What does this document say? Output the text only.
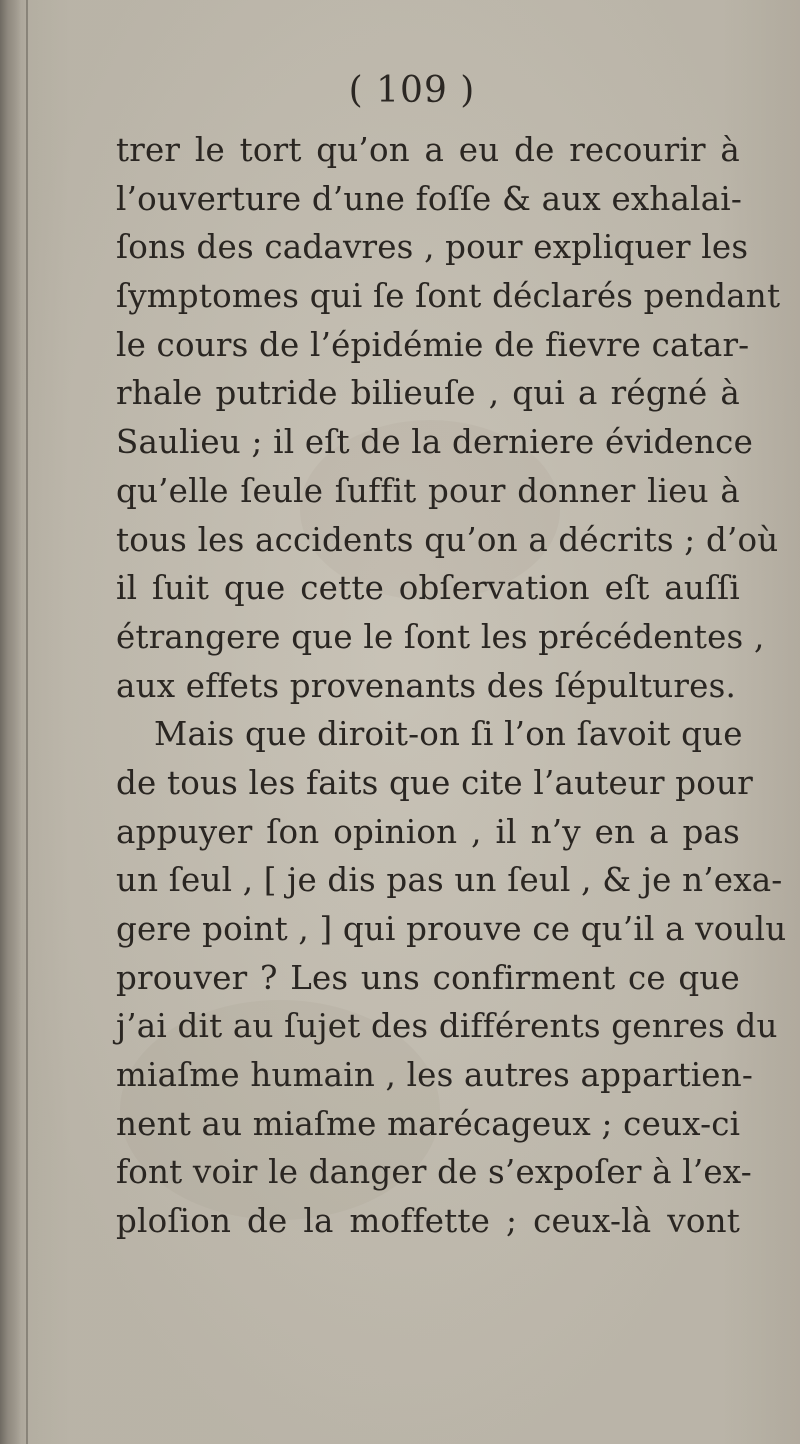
( 109 )
trer le tort qu’on a eu de recourir à
l’ouverture d’une foſſe & aux exhalai-
ſons des cadavres , pour expliquer les
ſymptomes qui ſe ſont déclarés pendant
le cours de l’épidémie de fievre catar-
rhale putride bilieuſe , qui a régné à
Saulieu ; il eſt de la derniere évidence
qu’elle ſeule ſuffit pour donner lieu à
tous les accidents qu’on a décrits ; d’où
il ſuit que cette obſervation eſt auſſi
étrangere que le ſont les précédentes ,
aux effets provenants des ſépultures.
Mais que diroit-on ſi l’on ſavoit que
de tous les faits que cite l’auteur pour
appuyer ſon opinion , il n’y en a pas
un ſeul , [ je dis pas un ſeul , & je n’exa-
gere point , ] qui prouve ce qu’il a voulu
prouver ? Les uns confirment ce que
j’ai dit au ſujet des différents genres du
miaſme humain , les autres appartien-
nent au miaſme marécageux ; ceux-ci
font voir le danger de s’expoſer à l’ex-
ploſion de la moffette ; ceux-là vont
